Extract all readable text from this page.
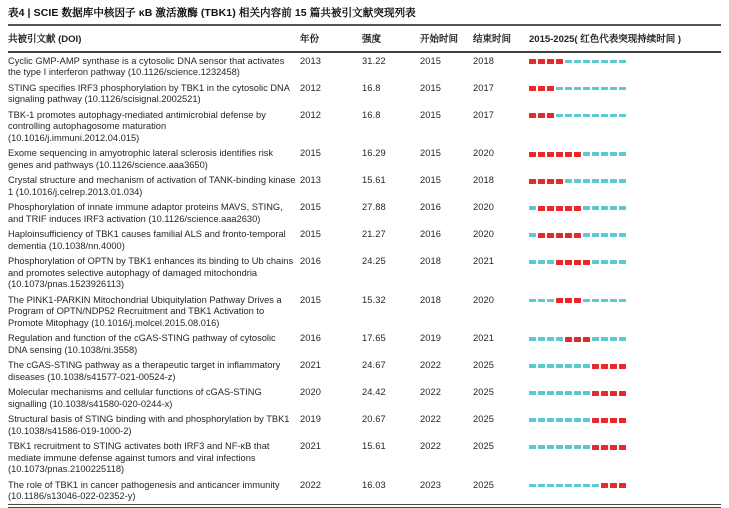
表4 | SCIE 数据库中核因子 κB 激活激酶 (TBK1) 相关内容前 15 篇共被引文献突现列表
共被引文献 (DOI)	年份	强度	开始时间	结束时间	2015-2025( 红色代表突现持续时间 )
Cyclic GMP-AMP synthase is a cytosolic DNA sensor that activates the type I interferon pathway (10.1126/science.1232458)	2013	31.22	2015	2018	

STING specifies IRF3 phosphorylation by TBK1 in the cytosolic DNA signaling pathway (10.1126/scisignal.2002521)	2012	16.8	2015	2017	

TBK-1 promotes autophagy-mediated antimicrobial defense by controlling autophagosome maturation (10.1016/j.immuni.2012.04.015)	2012	16.8	2015	2017	

Exome sequencing in amyotrophic lateral sclerosis identifies risk genes and pathways (10.1126/science.aaa3650)	2015	16.29	2015	2020	

Crystal structure and mechanism of activation of TANK-binding kinase 1 (10.1016/j.celrep.2013.01.034)	2013	15.61	2015	2018	

Phosphorylation of innate immune adaptor proteins MAVS, STING, and TRIF induces IRF3 activation (10.1126/science.aaa2630)	2015	27.88	2016	2020	

Haploinsufficiency of TBK1 causes familial ALS and fronto-temporal dementia (10.1038/nn.4000)	2015	21.27	2016	2020	

Phosphorylation of OPTN by TBK1 enhances its binding to Ub chains and promotes selective autophagy of damaged mitochondria (10.1073/pnas.1523926113)	2016	24.25	2018	2021	

The PINK1-PARKIN Mitochondrial Ubiquitylation Pathway Drives a Program of OPTN/NDP52 Recruitment and TBK1 Activation to Promote Mitophagy (10.1016/j.molcel.2015.08.016)	2015	15.32	2018	2020	

Regulation and function of the cGAS-STING pathway of cytosolic DNA sensing (10.1038/ni.3558)	2016	17.65	2019	2021	

The cGAS-STING pathway as a therapeutic target in inflammatory diseases (10.1038/s41577-021-00524-z)	2021	24.67	2022	2025	

Molecular mechanisms and cellular functions of cGAS-STING signalling (10.1038/s41580-020-0244-x)	2020	24.42	2022	2025	

Structural basis of STING binding with and phosphorylation by TBK1 (10.1038/s41586-019-1000-2)	2019	20.67	2022	2025	

TBK1 recruitment to STING activates both IRF3 and NF-κB that mediate immune defense against tumors and viral infections (10.1073/pnas.2100225118)	2021	15.61	2022	2025	

The role of TBK1 in cancer pathogenesis and anticancer immunity (10.1186/s13046-022-02352-y)	2022	16.03	2023	2025	
